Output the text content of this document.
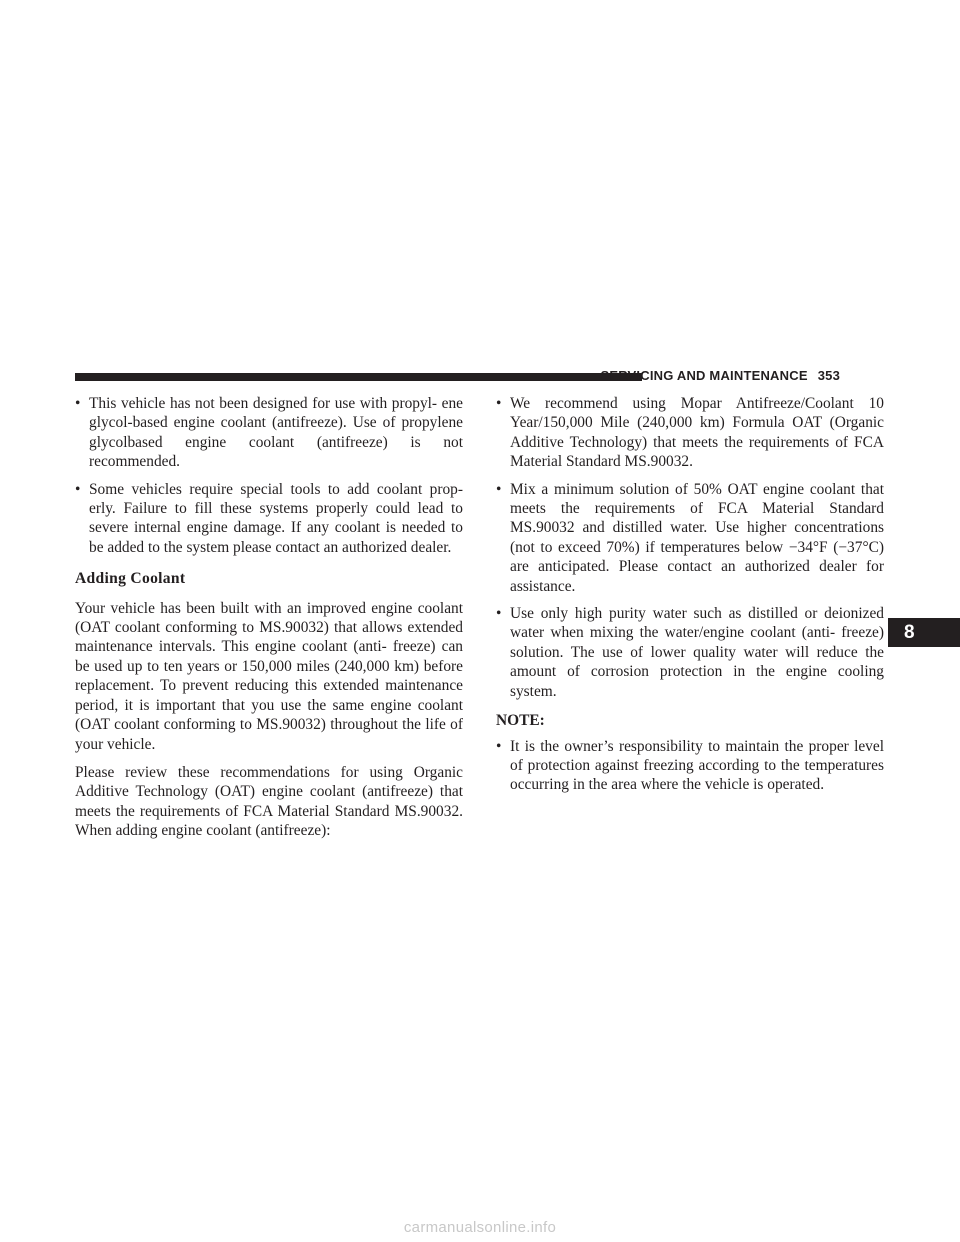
SERVICING AND MAINTENANCE 353
8
• This vehicle has not been designed for use with propyl- ene glycol-based engine coolant (antifreeze). Use of propylene glycolbased engine coolant (antifreeze) is not recommended.
• Some vehicles require special tools to add coolant prop- erly. Failure to fill these systems properly could lead to severe internal engine damage. If any coolant is needed to be added to the system please contact an authorized dealer.
Adding Coolant

Your vehicle has been built with an improved engine coolant (OAT coolant conforming to MS.90032) that allows extended maintenance intervals. This engine coolant (anti- freeze) can be used up to ten years or 150,000 miles (240,000 km) before replacement. To prevent reducing this extended maintenance period, it is important that you use the same engine coolant (OAT coolant conforming to MS.90032) throughout the life of your vehicle.

Please review these recommendations for using Organic Additive Technology (OAT) engine coolant (antifreeze) that meets the requirements of FCA Material Standard MS.90032. When adding engine coolant (antifreeze):

• We recommend using Mopar Antifreeze/Coolant 10 Year/150,000 Mile (240,000 km) Formula OAT (Organic Additive Technology) that meets the requirements of FCA Material Standard MS.90032.
• Mix a minimum solution of 50% OAT engine coolant that meets the requirements of FCA Material Standard MS.90032 and distilled water. Use higher concentrations (not to exceed 70%) if temperatures below −34°F (−37°C) are anticipated. Please contact an authorized dealer for assistance.
• Use only high purity water such as distilled or deionized water when mixing the water/engine coolant (anti- freeze) solution. The use of lower quality water will reduce the amount of corrosion protection in the engine cooling system.
NOTE:
• It is the owner’s responsibility to maintain the proper level of protection against freezing according to the temperatures occurring in the area where the vehicle is operated.
carmanualsonline.info
